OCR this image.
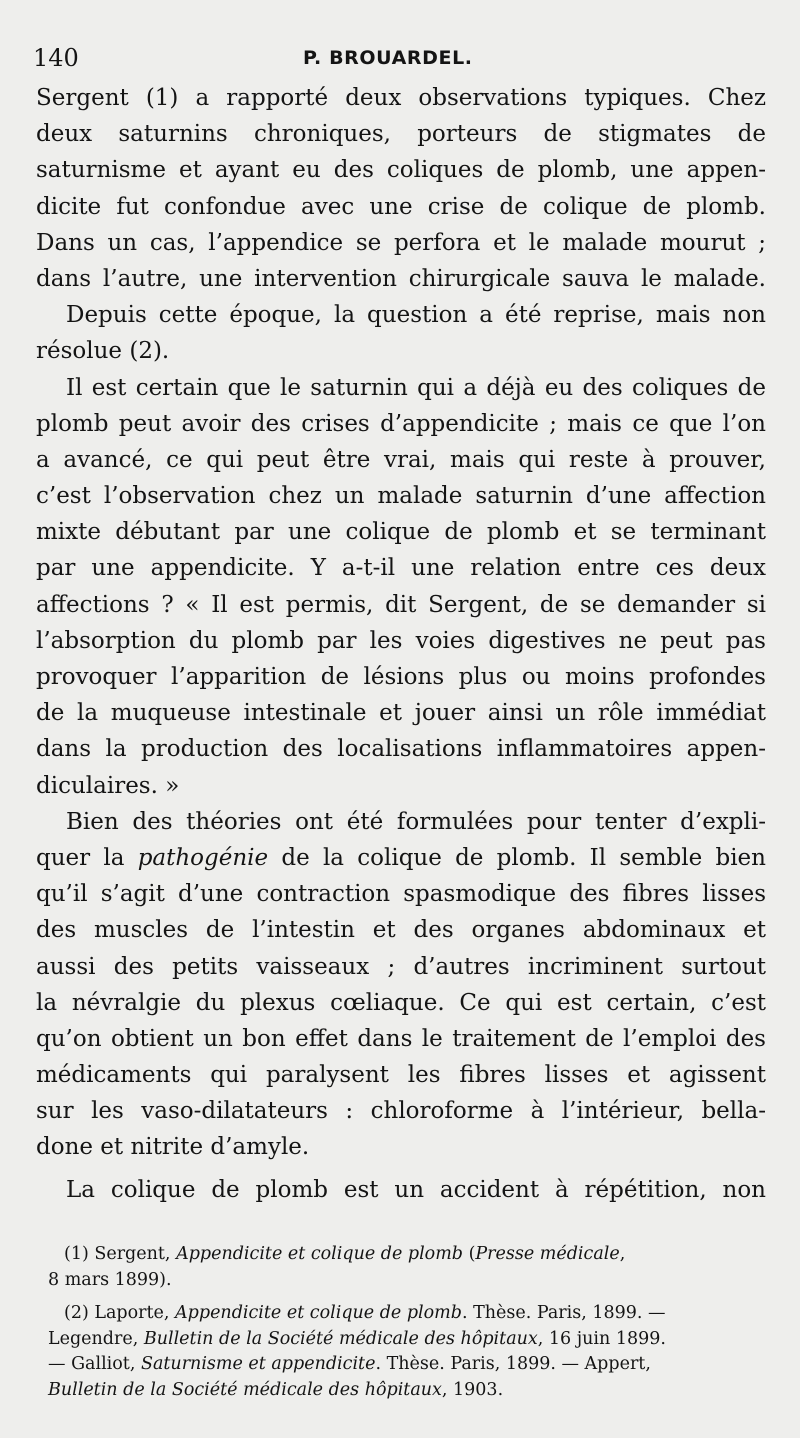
140	P. BROUARDEL.
Sergent (1) a rapporté deux observations typiques. Chez
deux saturnins chroniques, porteurs de stigmates de
saturnisme et ayant eu des coliques de plomb, une appen-
dicite fut confondue avec une crise de colique de plomb.
Dans un cas, l’appendice se perfora et le malade mourut ;
dans l’autre, une intervention chirurgicale sauva le malade.
Depuis cette époque, la question a été reprise, mais non
résolue (2).
Il est certain que le saturnin qui a déjà eu des coliques de
plomb peut avoir des crises d’appendicite ; mais ce que l’on
a avancé, ce qui peut être vrai, mais qui reste à prouver,
c’est l’observation chez un malade saturnin d’une affection
mixte débutant par une colique de plomb et se terminant
par une appendicite. Y a-t-il une relation entre ces deux
affections ? « Il est permis, dit Sergent, de se demander si
l’absorption du plomb par les voies digestives ne peut pas
provoquer l’apparition de lésions plus ou moins profondes
de la muqueuse intestinale et jouer ainsi un rôle immédiat
dans la production des localisations inflammatoires appen-
diculaires. »
Bien des théories ont été formulées pour tenter d’expli-
quer la pathogénie de la colique de plomb. Il semble bien
qu’il s’agit d’une contraction spasmodique des fibres lisses
des muscles de l’intestin et des organes abdominaux et
aussi des petits vaisseaux ; d’autres incriminent surtout
la névralgie du plexus cœliaque. Ce qui est certain, c’est
qu’on obtient un bon effet dans le traitement de l’emploi des
médicaments qui paralysent les fibres lisses et agissent
sur les vaso-dilatateurs : chloroforme à l’intérieur, bella-
done et nitrite d’amyle.
La colique de plomb est un accident à répétition, non
(1) Sergent, Appendicite et colique de plomb (Presse médicale,
8 mars 1899).
(2) Laporte, Appendicite et colique de plomb. Thèse. Paris, 1899. —
Legendre, Bulletin de la Société médicale des hôpitaux, 16 juin 1899.
— Galliot, Saturnisme et appendicite. Thèse. Paris, 1899. — Appert,
Bulletin de la Société médicale des hôpitaux, 1903.
